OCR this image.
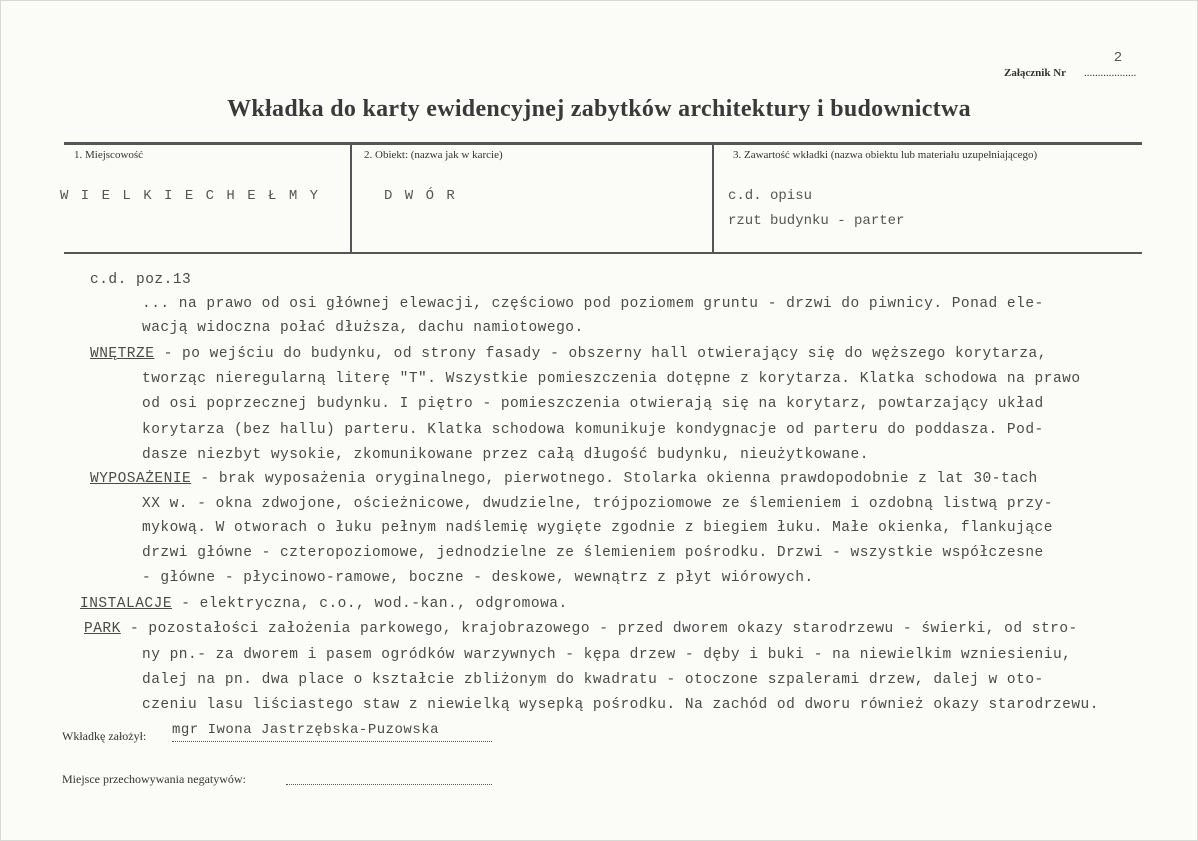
2
Załącznik Nr ...................
Wkładka do karty ewidencyjnej zabytków architektury i budownictwa
1. Miejscowość	2. Obiekt: (nazwa jak w karcie)	3. Zawartość wkładki (nazwa obiektu lub materiału uzupełniającego)
W I E L K I E C H E Ł M Y	D W Ó R	c.d. opisu
rzut budynku - parter
c.d. poz.13
... na prawo od osi głównej elewacji, częściowo pod poziomem gruntu - drzwi do piwnicy. Ponad ele-
wacją widoczna połać dłuższa, dachu namiotowego.
WNĘTRZE - po wejściu do budynku, od strony fasady - obszerny hall otwierający się do węższego korytarza,
tworząc nieregularną literę "T". Wszystkie pomieszczenia dotępne z korytarza. Klatka schodowa na prawo
od osi poprzecznej budynku. I piętro - pomieszczenia otwierają się na korytarz, powtarzający układ
korytarza (bez hallu) parteru. Klatka schodowa komunikuje kondygnacje od parteru do poddasza. Pod-
dasze niezbyt wysokie, zkomunikowane przez całą długość budynku, nieużytkowane.
WYPOSAŻENIE - brak wyposażenia oryginalnego, pierwotnego. Stolarka okienna prawdopodobnie z lat 30-tach
XX w. - okna zdwojone, ościeżnicowe, dwudzielne, trójpoziomowe ze ślemieniem i ozdobną listwą przy-
mykową. W otworach o łuku pełnym nadślemię wygięte zgodnie z biegiem łuku. Małe okienka, flankujące
drzwi główne - czteropoziomowe, jednodzielne ze ślemieniem pośrodku. Drzwi - wszystkie współczesne
- główne - płycinowo-ramowe, boczne - deskowe, wewnątrz z płyt wiórowych.
INSTALACJE - elektryczna, c.o., wod.-kan., odgromowa.
PARK - pozostałości założenia parkowego, krajobrazowego - przed dworem okazy starodrzewu - świerki, od stro-
ny pn.- za dworem i pasem ogródków warzywnych - kępa drzew - dęby i buki - na niewielkim wzniesieniu,
dalej na pn. dwa place o kształcie zbliżonym do kwadratu - otoczone szpalerami drzew, dalej w oto-
czeniu lasu liściastego staw z niewielką wysepką pośrodku. Na zachód od dworu również okazy starodrzewu.
Wkładkę założył: mgr Iwona Jastrzębska-Puzowska
Miejsce przechowywania negatywów:
